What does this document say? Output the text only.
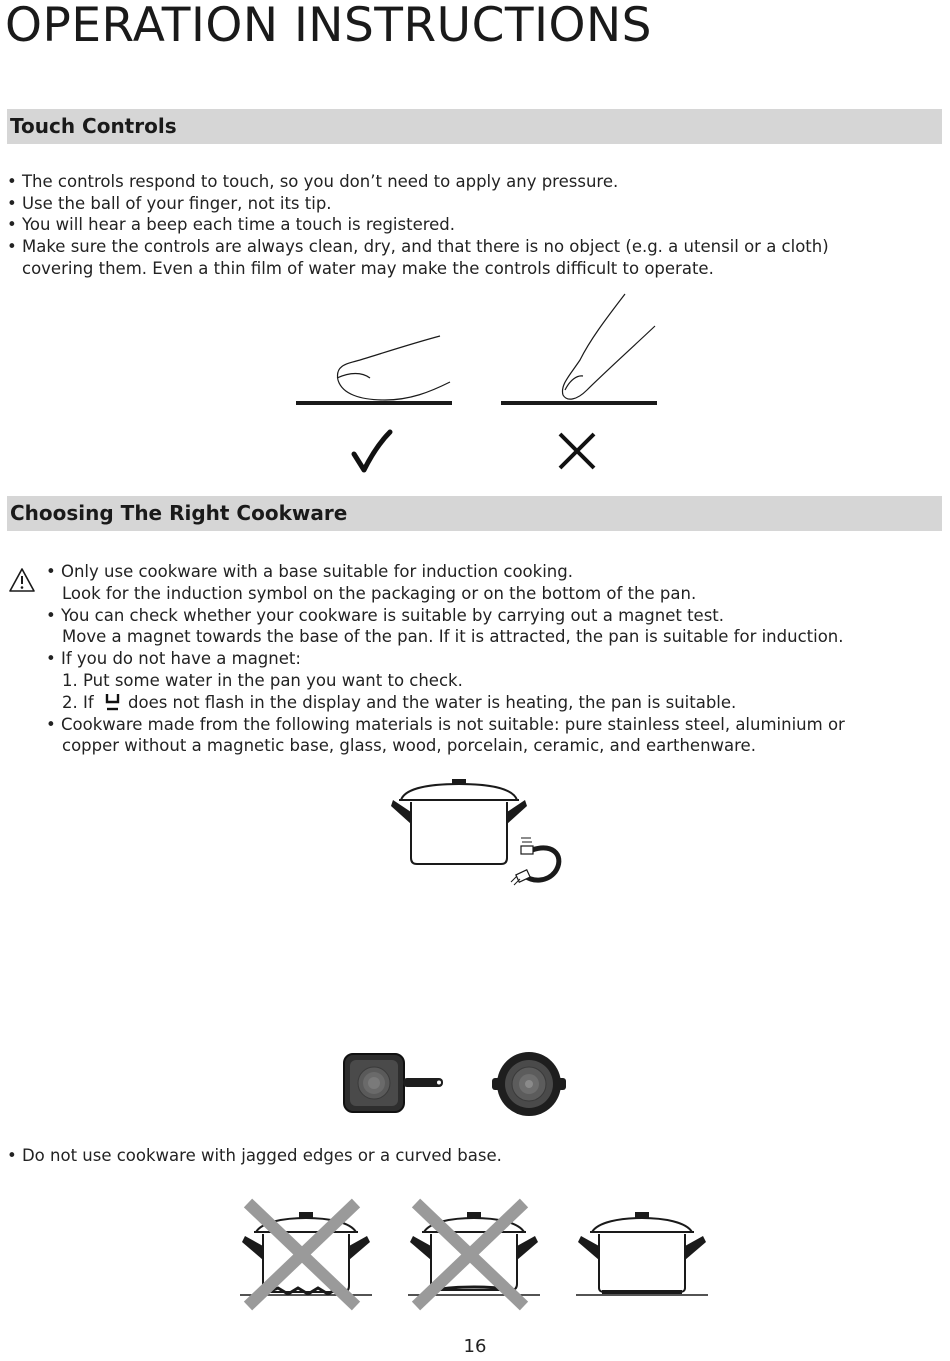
OPERATION INSTRUCTIONS
Touch Controls
• The controls respond to touch, so you don’t need to apply any pressure.
• Use the ball of your finger, not its tip.
• You will hear a beep each time a touch is registered.
• Make sure the controls are always clean, dry, and that there is no object (e.g. a utensil or a cloth)
covering them. Even a thin film of water may make the controls difficult to operate.
Choosing The Right Cookware
• Only use cookware with a base suitable for induction cooking.
Look for the induction symbol on the packaging or on the bottom of the pan.
• You can check whether your cookware is suitable by carrying out a magnet test.
Move a magnet towards the base of the pan. If it is attracted, the pan is suitable for induction.
• If you do not have a magnet:
1. Put some water in the pan you want to check.
2. If does not flash in the display and the water is heating, the pan is suitable.
• Cookware made from the following materials is not suitable: pure stainless steel, aluminium or
copper without a magnetic base, glass, wood, porcelain, ceramic, and earthenware.
• Do not use cookware with jagged edges or a curved base.
16
